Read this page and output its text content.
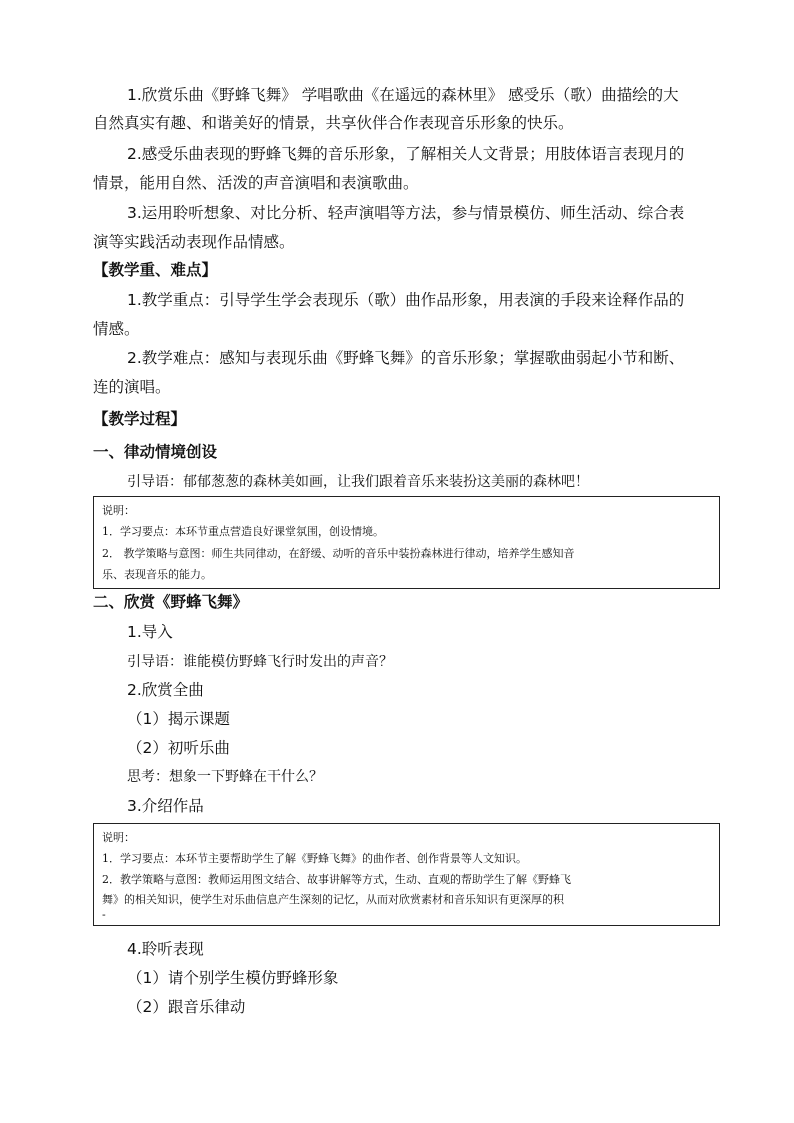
1.欣赏乐曲《野蜂飞舞》 学唱歌曲《在遥远的森林里》 感受乐（歌）曲描绘的大
自然真实有趣、和谐美好的情景，共享伙伴合作表现音乐形象的快乐。
2.感受乐曲表现的野蜂飞舞的音乐形象，了解相关人文背景；用肢体语言表现月的
情景，能用自然、活泼的声音演唱和表演歌曲。
3.运用聆听想象、对比分析、轻声演唱等方法，参与情景模仿、师生活动、综合表
演等实践活动表现作品情感。
【教学重、难点】
1.教学重点：引导学生学会表现乐（歌）曲作品形象，用表演的手段来诠释作品的
情感。
2.教学难点：感知与表现乐曲《野蜂飞舞》的音乐形象；掌握歌曲弱起小节和断、
连的演唱。
【教学过程】
一、律动情境创设
引导语：郁郁葱葱的森林美如画，让我们跟着音乐来装扮这美丽的森林吧！
说明：
1．学习要点：本环节重点营造良好课堂氛围，创设情境。
2． 教学策略与意图：师生共同律动，在舒缓、动听的音乐中装扮森林进行律动，培养学生感知音
乐、表现音乐的能力。
二、欣赏《野蜂飞舞》
1.导入
引导语：谁能模仿野蜂飞行时发出的声音？
2.欣赏全曲
（1）揭示课题
（2）初听乐曲
思考：想象一下野蜂在干什么？
3.介绍作品
说明：
1．学习要点：本环节主要帮助学生了解《野蜂飞舞》的曲作者、创作背景等人文知识。
2．教学策略与意图：教师运用图文结合、故事讲解等方式，生动、直观的帮助学生了解《野蜂飞
舞》的相关知识，使学生对乐曲信息产生深刻的记忆，从而对欣赏素材和音乐知识有更深厚的积
-
4.聆听表现
（1）请个别学生模仿野蜂形象
（2）跟音乐律动
